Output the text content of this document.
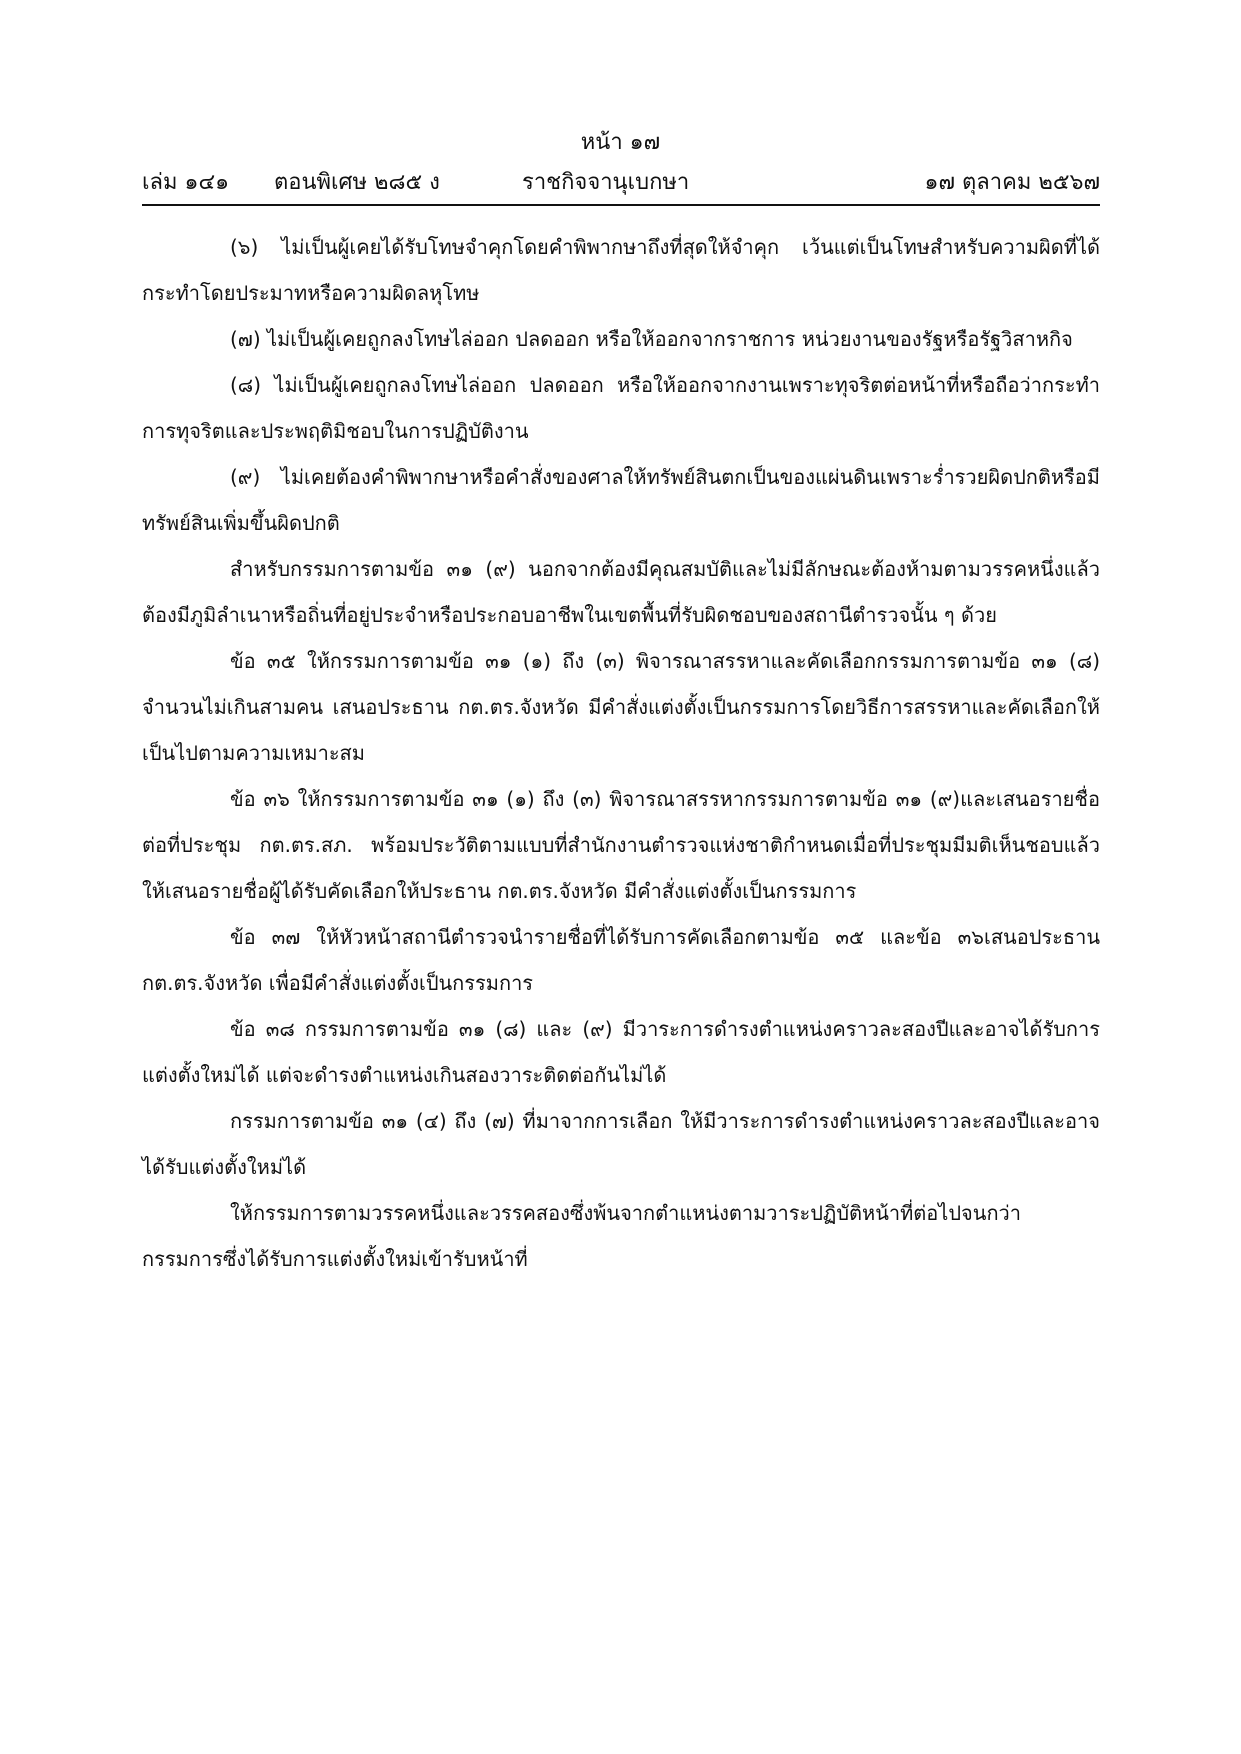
หน้า ๑๗
เล่ม ๑๔๑ ตอนพิเศษ ๒๘๕ ง	ราชกิจจานุเบกษา	๑๗ ตุลาคม ๒๕๖๗

(๖) ไม่เป็นผู้เคยได้รับโทษจำคุกโดยคำพิพากษาถึงที่สุดให้จำคุก เว้นแต่เป็นโทษสำหรับความผิดที่ได้กระทำโดยประมาทหรือความผิดลหุโทษ

(๗) ไม่เป็นผู้เคยถูกลงโทษไล่ออก ปลดออก หรือให้ออกจากราชการ หน่วยงานของรัฐหรือรัฐวิสาหกิจ

(๘) ไม่เป็นผู้เคยถูกลงโทษไล่ออก ปลดออก หรือให้ออกจากงานเพราะทุจริตต่อหน้าที่หรือถือว่ากระทำการทุจริตและประพฤติมิชอบในการปฏิบัติงาน

(๙) ไม่เคยต้องคำพิพากษาหรือคำสั่งของศาลให้ทรัพย์สินตกเป็นของแผ่นดินเพราะร่ำรวยผิดปกติหรือมีทรัพย์สินเพิ่มขึ้นผิดปกติ

สำหรับกรรมการตามข้อ ๓๑ (๙) นอกจากต้องมีคุณสมบัติและไม่มีลักษณะต้องห้ามตามวรรคหนึ่งแล้ว ต้องมีภูมิลำเนาหรือถิ่นที่อยู่ประจำหรือประกอบอาชีพในเขตพื้นที่รับผิดชอบของสถานีตำรวจนั้น ๆ ด้วย

ข้อ ๓๕ ให้กรรมการตามข้อ ๓๑ (๑) ถึง (๓) พิจารณาสรรหาและคัดเลือกกรรมการตามข้อ ๓๑ (๘) จำนวนไม่เกินสามคน เสนอประธาน กต.ตร.จังหวัด มีคำสั่งแต่งตั้งเป็นกรรมการโดยวิธีการสรรหาและคัดเลือกให้เป็นไปตามความเหมาะสม

ข้อ ๓๖ ให้กรรมการตามข้อ ๓๑ (๑) ถึง (๓) พิจารณาสรรหากรรมการตามข้อ ๓๑ (๙)และเสนอรายชื่อต่อที่ประชุม กต.ตร.สภ. พร้อมประวัติตามแบบที่สำนักงานตำรวจแห่งชาติกำหนดเมื่อที่ประชุมมีมติเห็นชอบแล้ว ให้เสนอรายชื่อผู้ได้รับคัดเลือกให้ประธาน กต.ตร.จังหวัด มีคำสั่งแต่งตั้งเป็นกรรมการ

ข้อ ๓๗ ให้หัวหน้าสถานีตำรวจนำรายชื่อที่ได้รับการคัดเลือกตามข้อ ๓๕ และข้อ ๓๖เสนอประธาน กต.ตร.จังหวัด เพื่อมีคำสั่งแต่งตั้งเป็นกรรมการ

ข้อ ๓๘ กรรมการตามข้อ ๓๑ (๘) และ (๙) มีวาระการดำรงตำแหน่งคราวละสองปีและอาจได้รับการแต่งตั้งใหม่ได้ แต่จะดำรงตำแหน่งเกินสองวาระติดต่อกันไม่ได้

กรรมการตามข้อ ๓๑ (๔) ถึง (๗) ที่มาจากการเลือก ให้มีวาระการดำรงตำแหน่งคราวละสองปีและอาจได้รับแต่งตั้งใหม่ได้

ให้กรรมการตามวรรคหนึ่งและวรรคสองซึ่งพ้นจากตำแหน่งตามวาระปฏิบัติหน้าที่ต่อไปจนกว่ากรรมการซึ่งได้รับการแต่งตั้งใหม่เข้ารับหน้าที่
